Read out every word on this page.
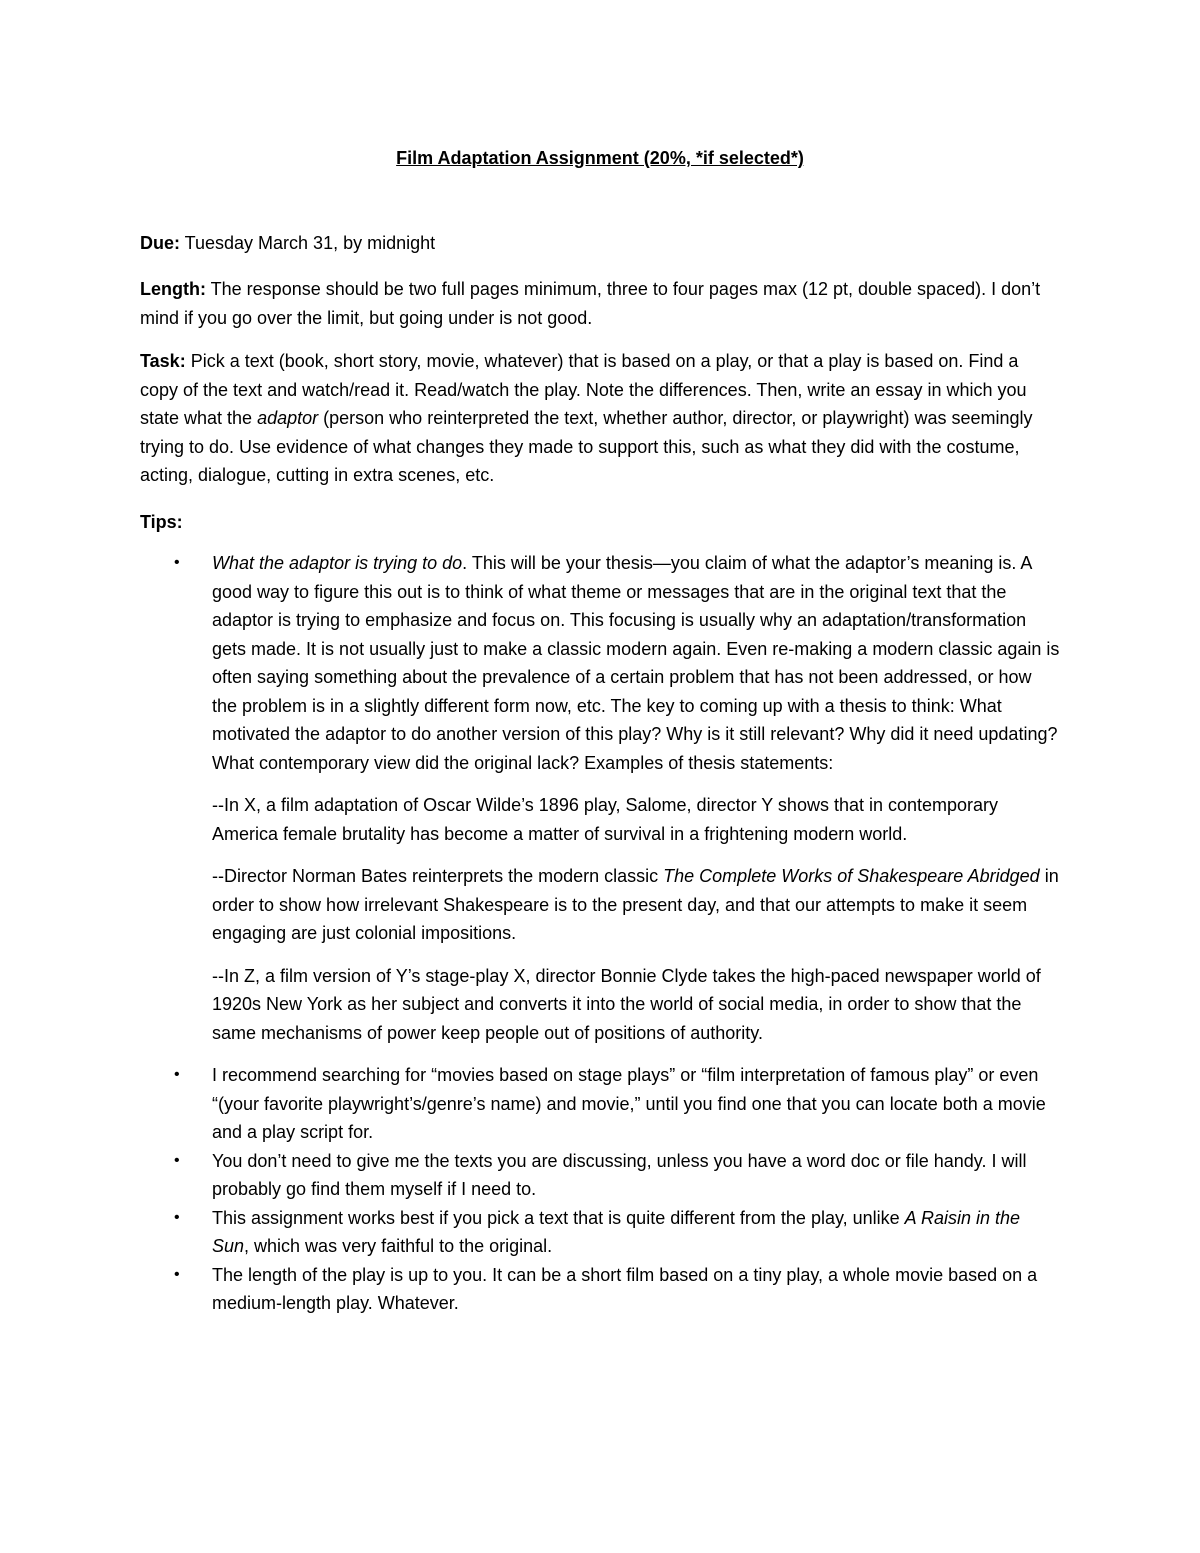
Film Adaptation Assignment (20%, *if selected*)
Due: Tuesday March 31, by midnight
Length: The response should be two full pages minimum, three to four pages max (12 pt, double spaced). I don’t mind if you go over the limit, but going under is not good.
Task: Pick a text (book, short story, movie, whatever) that is based on a play, or that a play is based on. Find a copy of the text and watch/read it. Read/watch the play. Note the differences. Then, write an essay in which you state what the adaptor (person who reinterpreted the text, whether author, director, or playwright) was seemingly trying to do. Use evidence of what changes they made to support this, such as what they did with the costume, acting, dialogue, cutting in extra scenes, etc.
Tips:
• What the adaptor is trying to do. This will be your thesis—you claim of what the adaptor’s meaning is. A good way to figure this out is to think of what theme or messages that are in the original text that the adaptor is trying to emphasize and focus on. This focusing is usually why an adaptation/transformation gets made. It is not usually just to make a classic modern again. Even re-making a modern classic again is often saying something about the prevalence of a certain problem that has not been addressed, or how the problem is in a slightly different form now, etc. The key to coming up with a thesis to think: What motivated the adaptor to do another version of this play? Why is it still relevant? Why did it need updating? What contemporary view did the original lack? Examples of thesis statements:
--In X, a film adaptation of Oscar Wilde’s 1896 play, Salome, director Y shows that in contemporary America female brutality has become a matter of survival in a frightening modern world.
--Director Norman Bates reinterprets the modern classic The Complete Works of Shakespeare Abridged in order to show how irrelevant Shakespeare is to the present day, and that our attempts to make it seem engaging are just colonial impositions.
--In Z, a film version of Y’s stage-play X, director Bonnie Clyde takes the high-paced newspaper world of 1920s New York as her subject and converts it into the world of social media, in order to show that the same mechanisms of power keep people out of positions of authority.
• I recommend searching for “movies based on stage plays” or “film interpretation of famous play” or even “(your favorite playwright’s/genre’s name) and movie,” until you find one that you can locate both a movie and a play script for.
• You don’t need to give me the texts you are discussing, unless you have a word doc or file handy. I will probably go find them myself if I need to.
• This assignment works best if you pick a text that is quite different from the play, unlike A Raisin in the Sun, which was very faithful to the original.
• The length of the play is up to you. It can be a short film based on a tiny play, a whole movie based on a medium-length play. Whatever.
